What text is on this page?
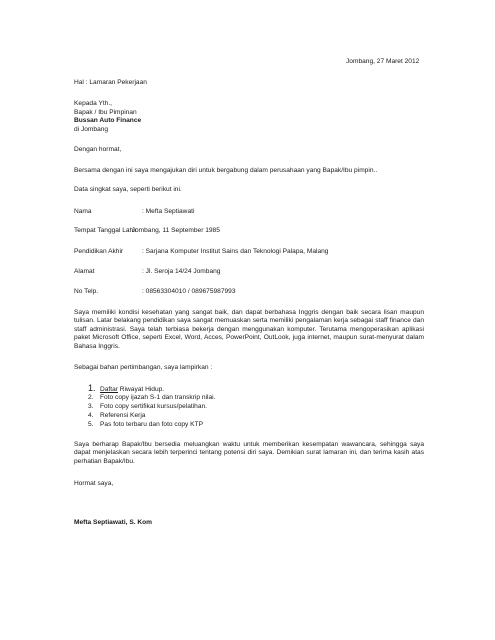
Jombang, 27 Maret 2012
Hal : Lamaran Pekerjaan
Kepada Yth.,
Bapak / Ibu Pimpinan
Bussan Auto Finance
di Jombang
Dengan hormat,
Bersama dengan ini saya mengajukan diri untuk bergabung dalam perusahaan yang Bapak/Ibu pimpin..
Data singkat saya, seperti berikut ini.
Nama	: Mefta Septiawati
Tempat Tanggal Lahir
: Jombang, 11 September 1985
Pendidikan Akhir	: Sarjana Komputer Institut Sains dan Teknologi Palapa, Malang
Alamat	: Jl. Seroja 14/24 Jombang
No Telp.	: 08563304010 / 089675987993
Saya memiliki kondisi kesehatan yang sangat baik, dan dapat berbahasa Inggris dengan baik secara lisan maupun tulisan. Latar belakang pendidikan saya sangat memuaskan serta memiliki pengalaman kerja sebagai staff finance dan staff administrasi. Saya telah terbiasa bekerja dengan menggunakan komputer. Terutama mengoperasikan aplikasi paket Microsoft Office, seperti Excel, Word, Acces, PowerPoint, OutLook, juga internet, maupun surat-menyurat dalam Bahasa Inggris.
Sebagai bahan pertimbangan, saya lampirkan :
1. Daftar Riwayat Hidup.
2. Foto copy ijazah S-1 dan transkrip nilai.
3. Foto copy sertifikat kursus/pelatihan.
4. Referensi Kerja
5. Pas foto terbaru dan foto copy KTP
Saya berharap Bapak/Ibu bersedia meluangkan waktu untuk memberikan kesempatan wawancara, sehingga saya dapat menjelaskan secara lebih terperinci tentang potensi diri saya. Demikian surat lamaran ini, dan terima kasih atas perhatian Bapak/Ibu.
Hormat saya,
Mefta Septiawati, S. Kom
